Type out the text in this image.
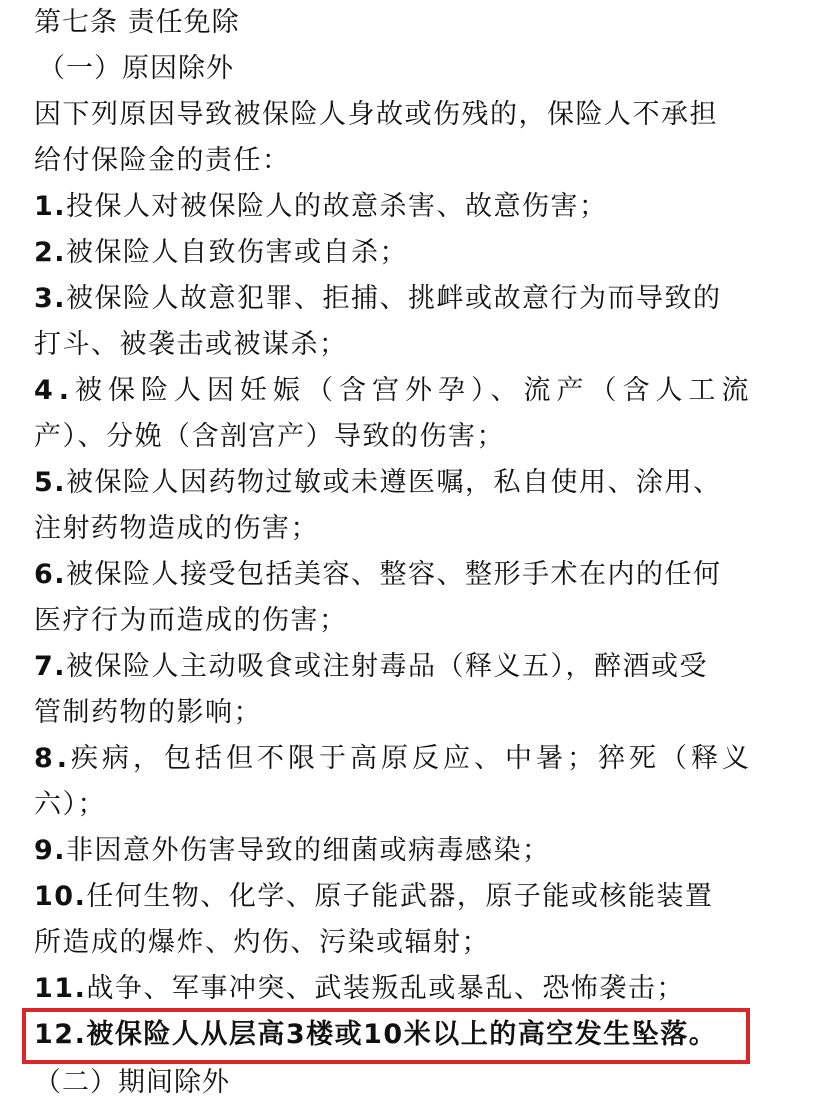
第七条 责任免除
（一）原因除外
因下列原因导致被保险人身故或伤残的，保险人不承担
给付保险金的责任：
1.投保人对被保险人的故意杀害、故意伤害；
2.被保险人自致伤害或自杀；
3.被保险人故意犯罪、拒捕、挑衅或故意行为而导致的
打斗、被袭击或被谋杀；
4.被保险人因妊娠（含宫外孕）、流产（含人工流
产）、分娩（含剖宫产）导致的伤害；
5.被保险人因药物过敏或未遵医嘱，私自使用、涂用、
注射药物造成的伤害；
6.被保险人接受包括美容、整容、整形手术在内的任何
医疗行为而造成的伤害；
7.被保险人主动吸食或注射毒品（释义五），醉酒或受
管制药物的影响；
8.疾病，包括但不限于高原反应、中暑；猝死（释义
六）；
9.非因意外伤害导致的细菌或病毒感染；
10.任何生物、化学、原子能武器，原子能或核能装置
所造成的爆炸、灼伤、污染或辐射；
11.战争、军事冲突、武装叛乱或暴乱、恐怖袭击；
12.被保险人从层高3楼或10米以上的高空发生坠落。
（二）期间除外
